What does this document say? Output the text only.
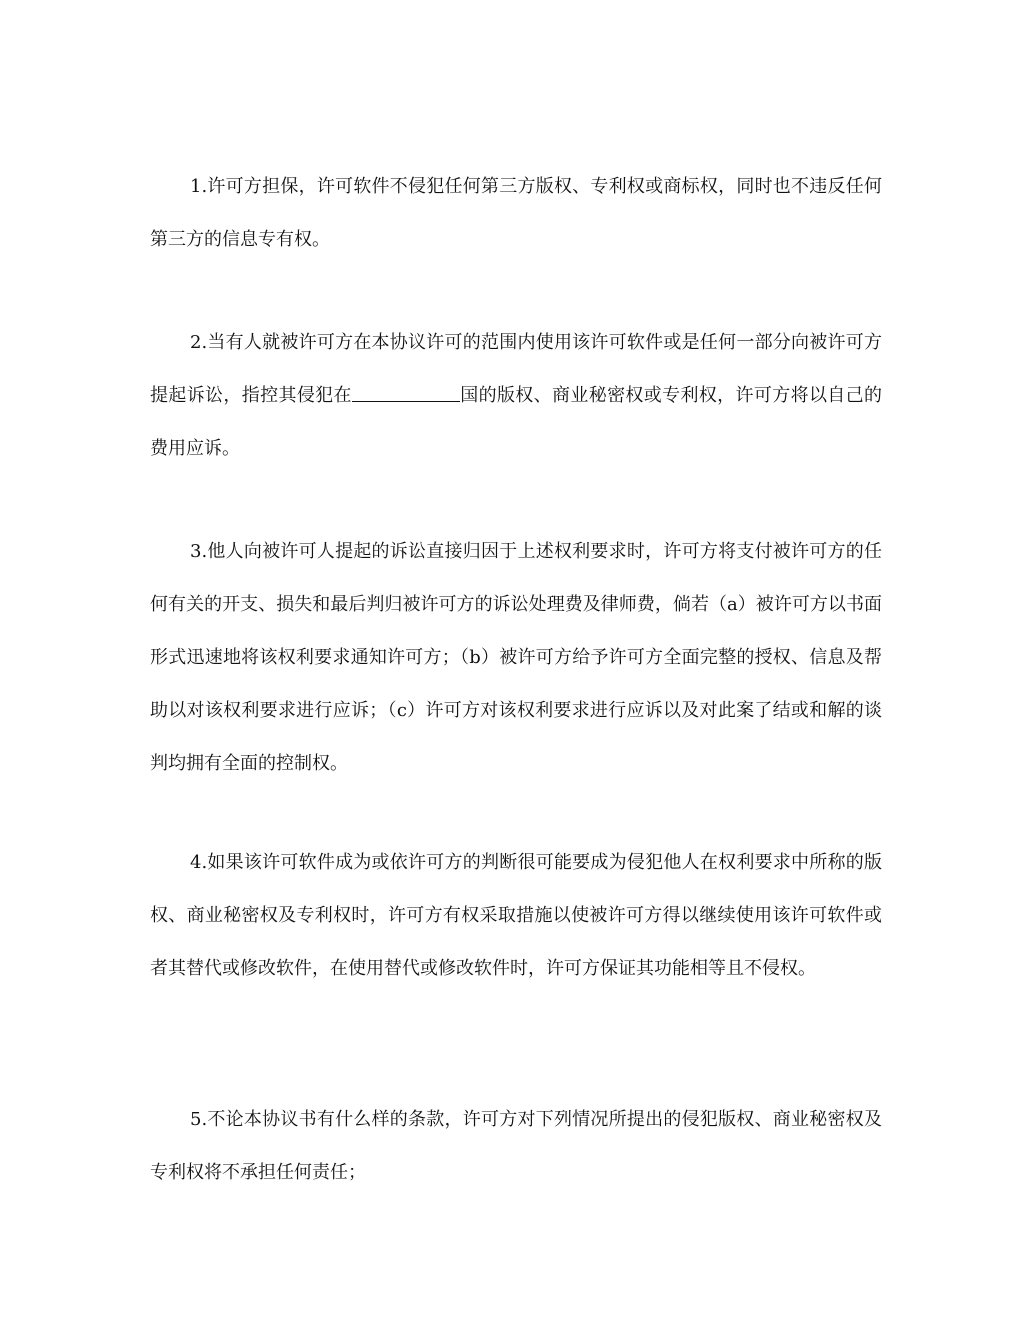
1.许可方担保，许可软件不侵犯任何第三方版权、专利权或商标权，同时也不违反任何第三方的信息专有权。

2.当有人就被许可方在本协议许可的范围内使用该许可软件或是任何一部分向被许可方提起诉讼，指控其侵犯在	国的版权、商业秘密权或专利权，许可方将以自己的费用应诉。

3.他人向被许可人提起的诉讼直接归因于上述权利要求时，许可方将支付被许可方的任何有关的开支、损失和最后判归被许可方的诉讼处理费及律师费，倘若（a）被许可方以书面形式迅速地将该权利要求通知许可方；（b）被许可方给予许可方全面完整的授权、信息及帮助以对该权利要求进行应诉；（c）许可方对该权利要求进行应诉以及对此案了结或和解的谈判均拥有全面的控制权。

4.如果该许可软件成为或依许可方的判断很可能要成为侵犯他人在权利要求中所称的版权、商业秘密权及专利权时，许可方有权采取措施以使被许可方得以继续使用该许可软件或者其替代或修改软件，在使用替代或修改软件时，许可方保证其功能相等且不侵权。

5.不论本协议书有什么样的条款，许可方对下列情况所提出的侵犯版权、商业秘密权及专利权将不承担任何责任；
